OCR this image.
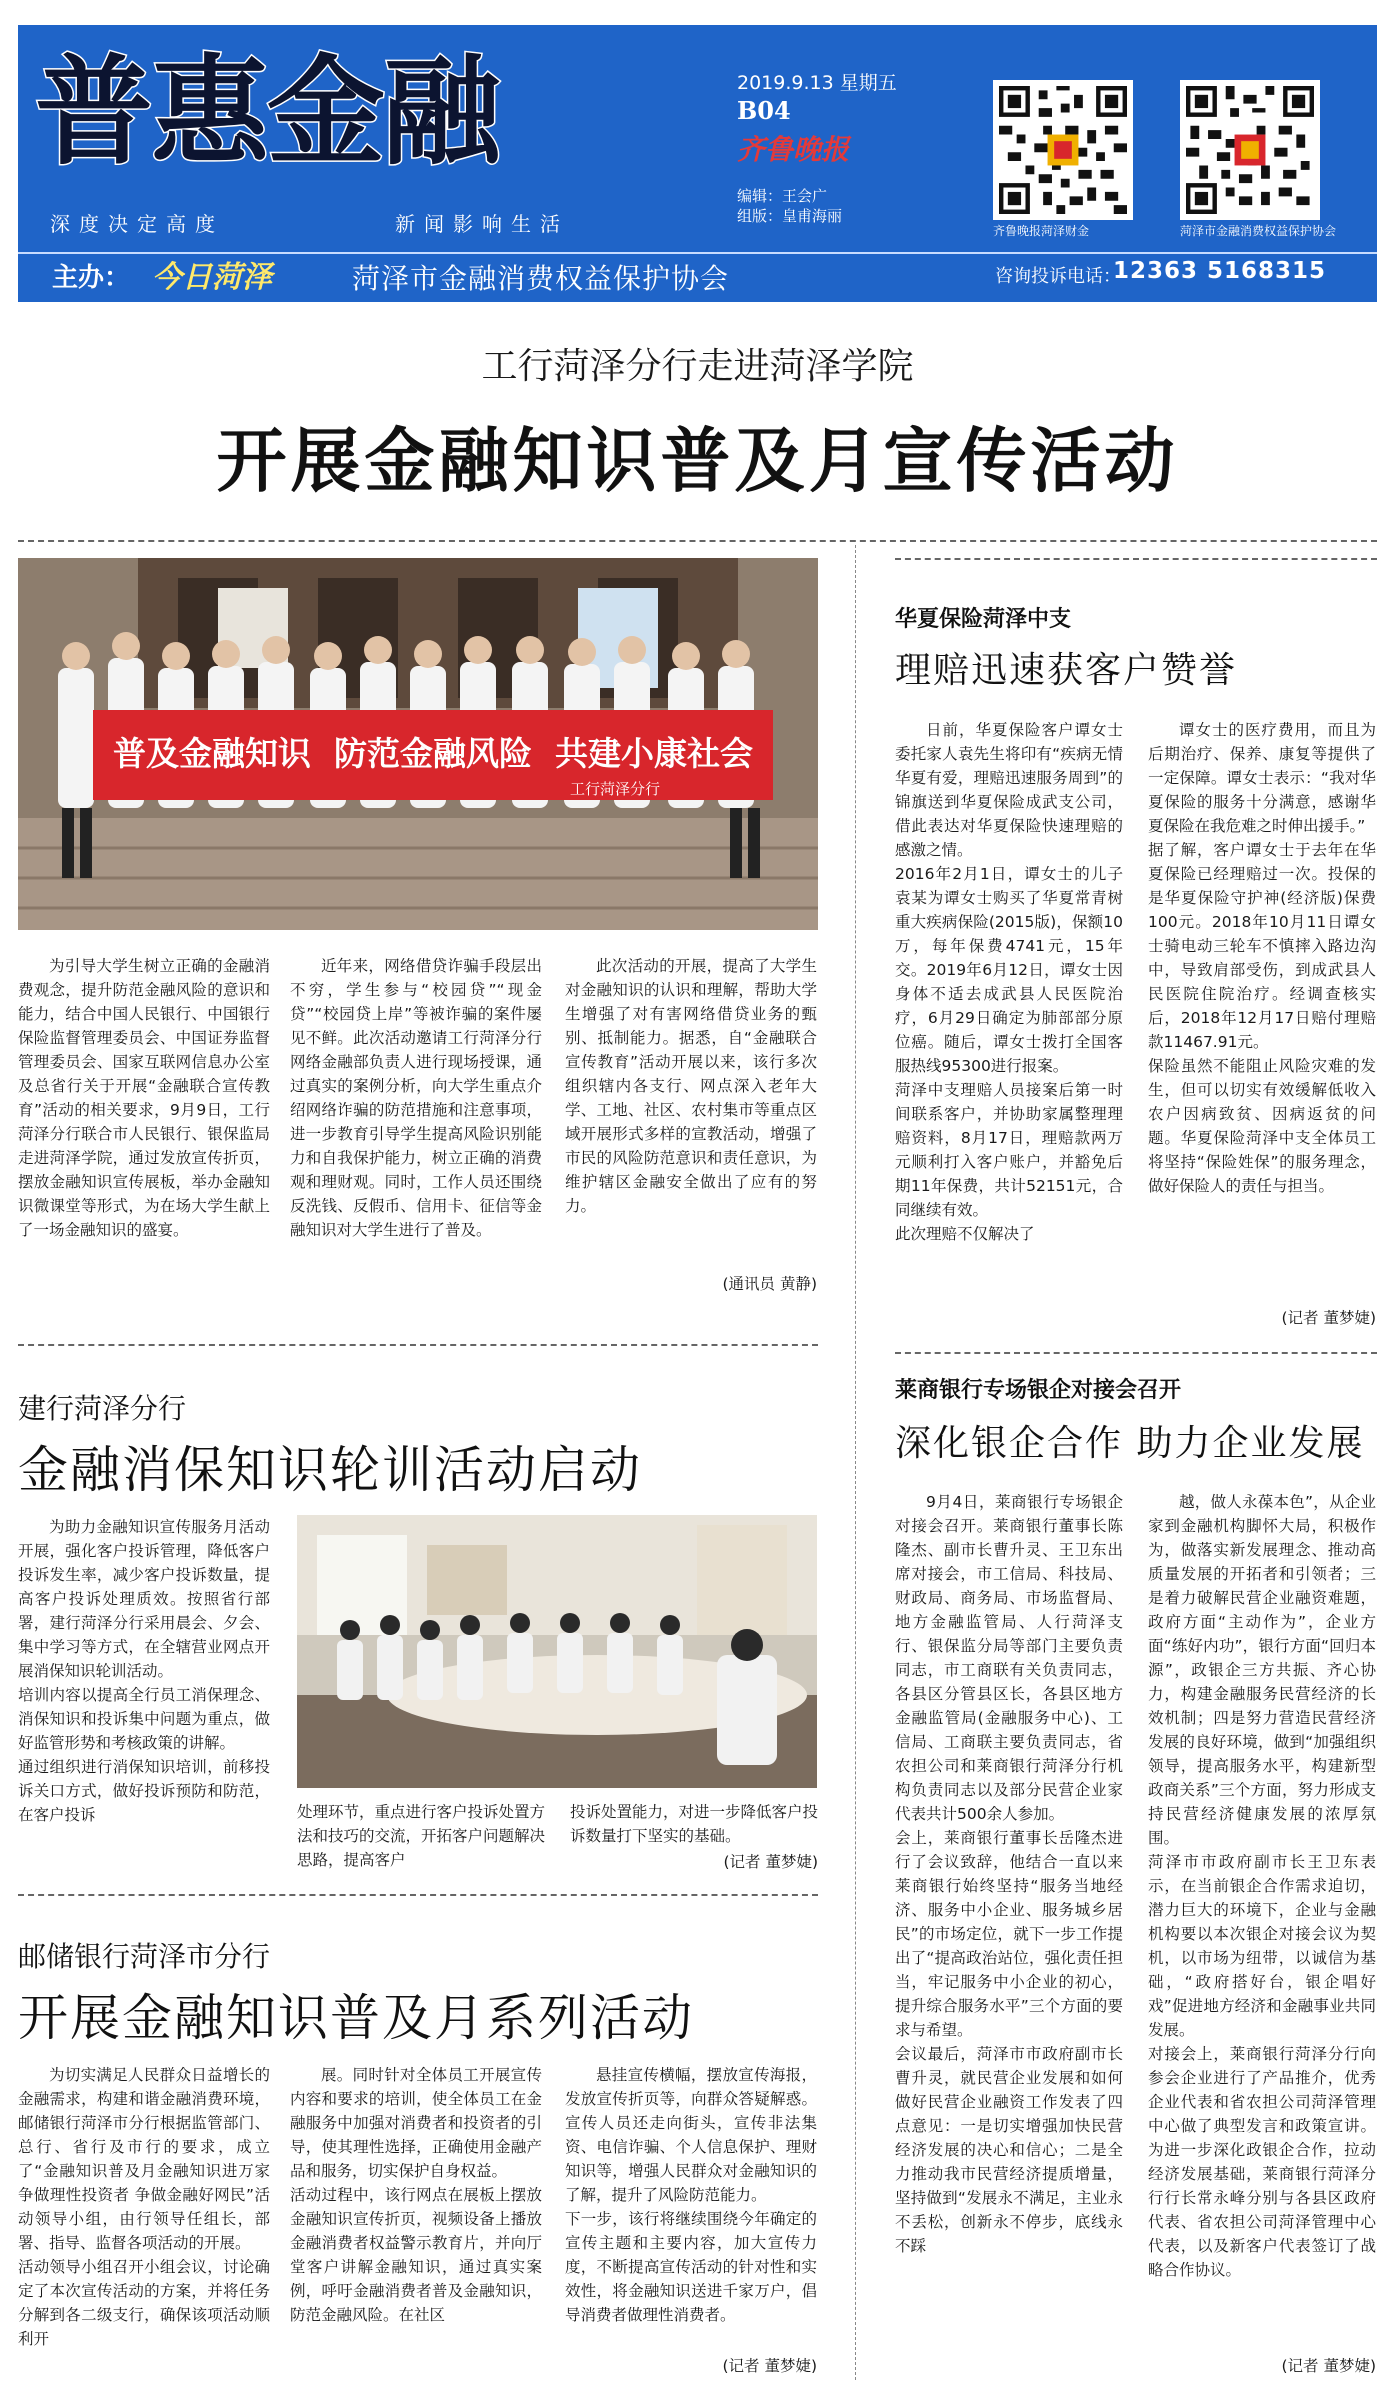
普惠金融
深度决定高度	新闻影响生活
2019.9.13 星期五
B04
齐鲁晚报
编辑：王会广
组版：皇甫海丽
齐鲁晚报菏泽财金	菏泽市金融消费权益保护协会
主办： 今日菏泽	菏泽市金融消费权益保护协会	咨询投诉电话：
12363 5168315
工行菏泽分行走进菏泽学院
开展金融知识普及月宣传活动
普及金融知识  防范金融风险  共建小康社会
工行菏泽分行
为引导大学生树立正确的金融消费观念，提升防范金融风险的意识和能力，结合中国人民银行、中国银行保险监督管理委员会、中国证券监督管理委员会、国家互联网信息办公室及总省行关于开展“金融联合宣传教育”活动的相关要求，9月9日，工行菏泽分行联合市人民银行、银保监局走进菏泽学院，通过发放宣传折页，摆放金融知识宣传展板，举办金融知识微课堂等形式，为在场大学生献上了一场金融知识的盛宴。
近年来，网络借贷诈骗手段层出不穷，学生参与“校园贷”“现金贷”“校园贷上岸”等被诈骗的案件屡见不鲜。此次活动邀请工行菏泽分行网络金融部负责人进行现场授课，通过真实的案例分析，向大学生重点介绍网络诈骗的防范措施和注意事项，进一步教育引导学生提高风险识别能力和自我保护能力，树立正确的消费观和理财观。同时，工作人员还围绕反洗钱、反假币、信用卡、征信等金融知识对大学生进行了普及。
此次活动的开展，提高了大学生对金融知识的认识和理解，帮助大学生增强了对有害网络借贷业务的甄别、抵制能力。据悉，自“金融联合宣传教育”活动开展以来，该行多次组织辖内各支行、网点深入老年大学、工地、社区、农村集市等重点区域开展形式多样的宣教活动，增强了市民的风险防范意识和责任意识，为维护辖区金融安全做出了应有的努力。
(通讯员 黄静)
华夏保险菏泽中支
理赔迅速获客户赞誉
日前，华夏保险客户谭女士委托家人袁先生将印有“疾病无情华夏有爱，理赔迅速服务周到”的锦旗送到华夏保险成武支公司，借此表达对华夏保险快速理赔的感激之情。
2016年2月1日，谭女士的儿子袁某为谭女士购买了华夏常青树重大疾病保险(2015版)，保额10万，每年保费4741元，15年交。2019年6月12日，谭女士因身体不适去成武县人民医院治疗，6月29日确定为肺部部分原位癌。随后，谭女士拨打全国客服热线95300进行报案。
菏泽中支理赔人员接案后第一时间联系客户，并协助家属整理理赔资料，8月17日，理赔款两万元顺利打入客户账户，并豁免后期11年保费，共计52151元，合同继续有效。
此次理赔不仅解决了
谭女士的医疗费用，而且为后期治疗、保养、康复等提供了一定保障。谭女士表示：“我对华夏保险的服务十分满意，感谢华夏保险在我危难之时伸出援手。”
据了解，客户谭女士于去年在华夏保险已经理赔过一次。投保的是华夏保险守护神(经济版)保费100元。2018年10月11日谭女士骑电动三轮车不慎摔入路边沟中，导致肩部受伤，到成武县人民医院住院治疗。经调查核实后，2018年12月17日赔付理赔款11467.91元。
保险虽然不能阻止风险灾难的发生，但可以切实有效缓解低收入农户因病致贫、因病返贫的问题。华夏保险菏泽中支全体员工将坚持“保险姓保”的服务理念，做好保险人的责任与担当。
(记者 董梦婕)
建行菏泽分行
金融消保知识轮训活动启动
为助力金融知识宣传服务月活动开展，强化客户投诉管理，降低客户投诉发生率，减少客户投诉数量，提高客户投诉处理质效。按照省行部署，建行菏泽分行采用晨会、夕会、集中学习等方式，在全辖营业网点开展消保知识轮训活动。
培训内容以提高全行员工消保理念、消保知识和投诉集中问题为重点，做好监管形势和考核政策的讲解。
通过组织进行消保知识培训，前移投诉关口方式，做好投诉预防和防范，在客户投诉	处理环节，重点进行客户投诉处置方法和技巧的交流，开拓客户问题解决思路，提高客户
投诉处置能力，对进一步降低客户投诉数量打下坚实的基础。
(记者 董梦婕)
莱商银行专场银企对接会召开
深化银企合作 助力企业发展
9月4日，莱商银行专场银企对接会召开。莱商银行董事长陈隆杰、副市长曹升灵、王卫东出席对接会，市工信局、科技局、财政局、商务局、市场监督局、地方金融监管局、人行菏泽支行、银保监分局等部门主要负责同志，市工商联有关负责同志，各县区分管县区长，各县区地方金融监管局(金融服务中心)、工信局、工商联主要负责同志，省农担公司和莱商银行菏泽分行机构负责同志以及部分民营企业家代表共计500余人参加。
会上，莱商银行董事长岳隆杰进行了会议致辞，他结合一直以来莱商银行始终坚持“服务当地经济、服务中小企业、服务城乡居民”的市场定位，就下一步工作提出了“提高政治站位，强化责任担当，牢记服务中小企业的初心，提升综合服务水平”三个方面的要求与希望。
会议最后，菏泽市市政府副市长曹升灵，就民营企业发展和如何做好民营企业融资工作发表了四点意见：一是切实增强加快民营经济发展的决心和信心；二是全力推动我市民营经济提质增量，坚持做到“发展永不满足，主业永不丢松，创新永不停步，底线永不踩
越，做人永葆本色”，从企业家到金融机构脚怀大局，积极作为，做落实新发展理念、推动高质量发展的开拓者和引领者；三是着力破解民营企业融资难题，政府方面“主动作为”，企业方面“练好内功”，银行方面“回归本源”，政银企三方共振、齐心协力，构建金融服务民营经济的长效机制；四是努力营造民营经济发展的良好环境，做到“加强组织领导，提高服务水平，构建新型政商关系”三个方面，努力形成支持民营经济健康发展的浓厚氛围。
菏泽市市政府副市长王卫东表示，在当前银企合作需求迫切，潜力巨大的环境下，企业与金融机构要以本次银企对接会议为契机，以市场为纽带，以诚信为基础，“政府搭好台，银企唱好戏”促进地方经济和金融事业共同发展。
对接会上，莱商银行菏泽分行向参会企业进行了产品推介，优秀企业代表和省农担公司菏泽管理中心做了典型发言和政策宣讲。为进一步深化政银企合作，拉动经济发展基础，莱商银行菏泽分行行长常永峰分别与各县区政府代表、省农担公司菏泽管理中心代表，以及新客户代表签订了战略合作协议。
(记者 董梦婕)
邮储银行菏泽市分行
开展金融知识普及月系列活动
为切实满足人民群众日益增长的金融需求，构建和谐金融消费环境，邮储银行菏泽市分行根据监管部门、总行、省行及市行的要求，成立了“金融知识普及月金融知识进万家 争做理性投资者 争做金融好网民”活动领导小组，由行领导任组长，部署、指导、监督各项活动的开展。
活动领导小组召开小组会议，讨论确定了本次宣传活动的方案，并将任务分解到各二级支行，确保该项活动顺利开
展。同时针对全体员工开展宣传内容和要求的培训，使全体员工在金融服务中加强对消费者和投资者的引导，使其理性选择，正确使用金融产品和服务，切实保护自身权益。
活动过程中，该行网点在展板上摆放金融知识宣传折页，视频设备上播放金融消费者权益警示教育片，并向厅堂客户讲解金融知识，通过真实案例，呼吁金融消费者普及金融知识，防范金融风险。在社区
悬挂宣传横幅，摆放宣传海报，发放宣传折页等，向群众答疑解惑。宣传人员还走向街头，宣传非法集资、电信诈骗、个人信息保护、理财知识等，增强人民群众对金融知识的了解，提升了风险防范能力。
下一步，该行将继续围绕今年确定的宣传主题和主要内容，加大宣传力度，不断提高宣传活动的针对性和实效性，将金融知识送进千家万户，倡导消费者做理性消费者。
(记者 董梦婕)
